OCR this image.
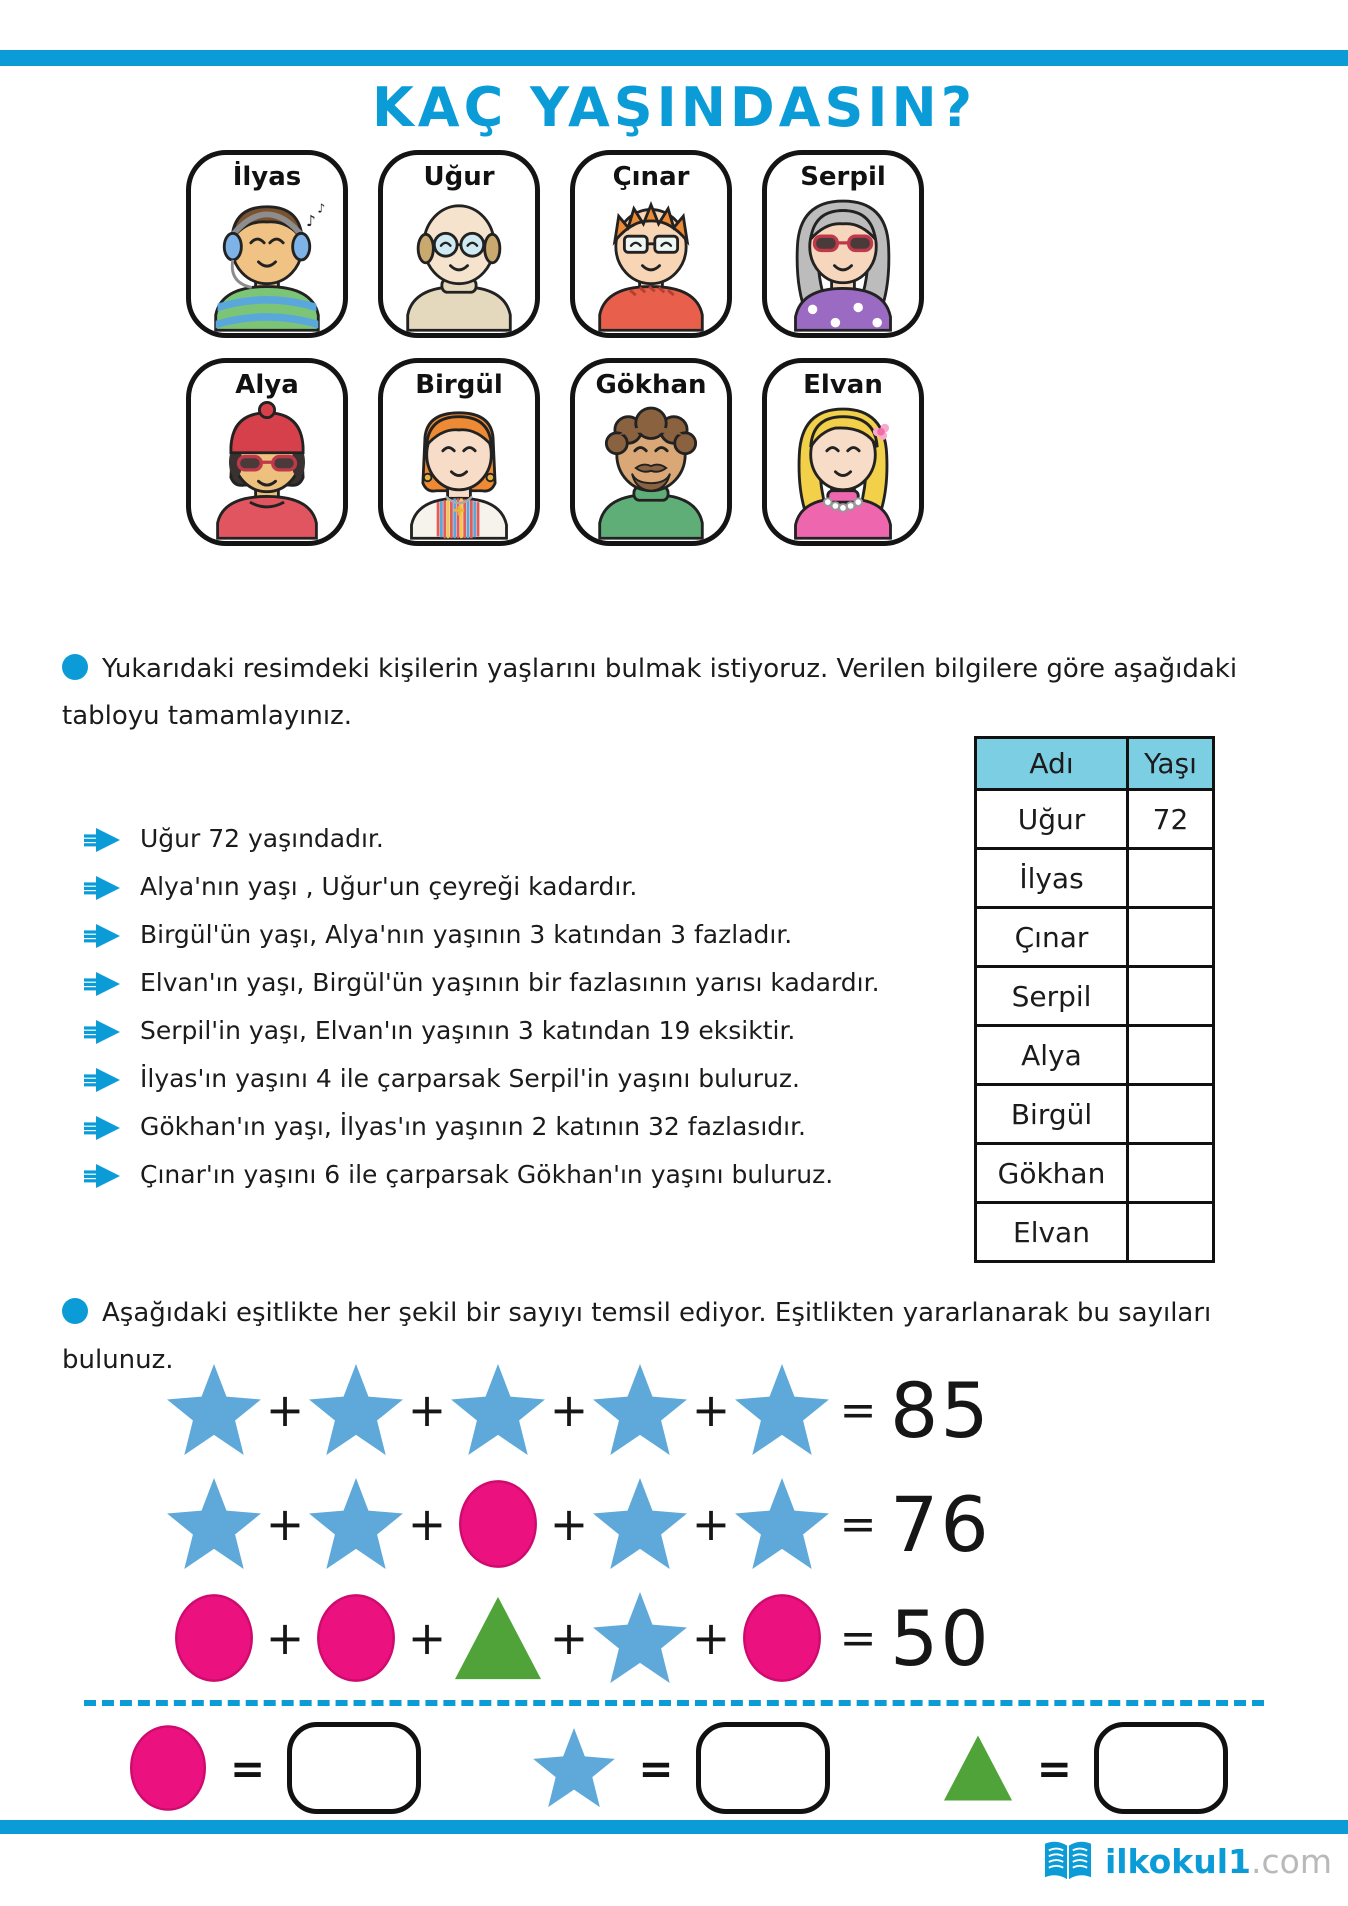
KAÇ YAŞINDASIN?
İlyas
♪
♪
Uğur	Çınar	Serpil
Alya	Birgül	Gökhan	Elvan
Yukarıdaki resimdeki kişilerin yaşlarını bulmak istiyoruz. Verilen bilgilere göre aşağıdaki tabloyu tamamlayınız.
Uğur 72 yaşındadır.
Alya'nın yaşı , Uğur'un çeyreği kadardır.
Birgül'ün yaşı, Alya'nın yaşının 3 katından 3 fazladır.
Elvan'ın yaşı, Birgül'ün yaşının bir fazlasının yarısı kadardır.
Serpil'in yaşı, Elvan'ın yaşının 3 katından 19 eksiktir.
İlyas'ın yaşını 4 ile çarparsak Serpil'in yaşını buluruz.
Gökhan'ın yaşı, İlyas'ın yaşının 2 katının 32 fazlasıdır.
Çınar'ın yaşını 6 ile çarparsak Gökhan'ın yaşını buluruz.
Adı	Yaşı
Uğur	72
İlyas	
Çınar	
Serpil	
Alya	
Birgül	
Gökhan	
Elvan	
Aşağıdaki eşitlikte her şekil bir sayıyı temsil ediyor. Eşitlikten yararlanarak bu sayıları bulunuz.
+ + + + = 85
+ + + + = 76
+ + + + = 50
=	=	=
ilkokul1.com
